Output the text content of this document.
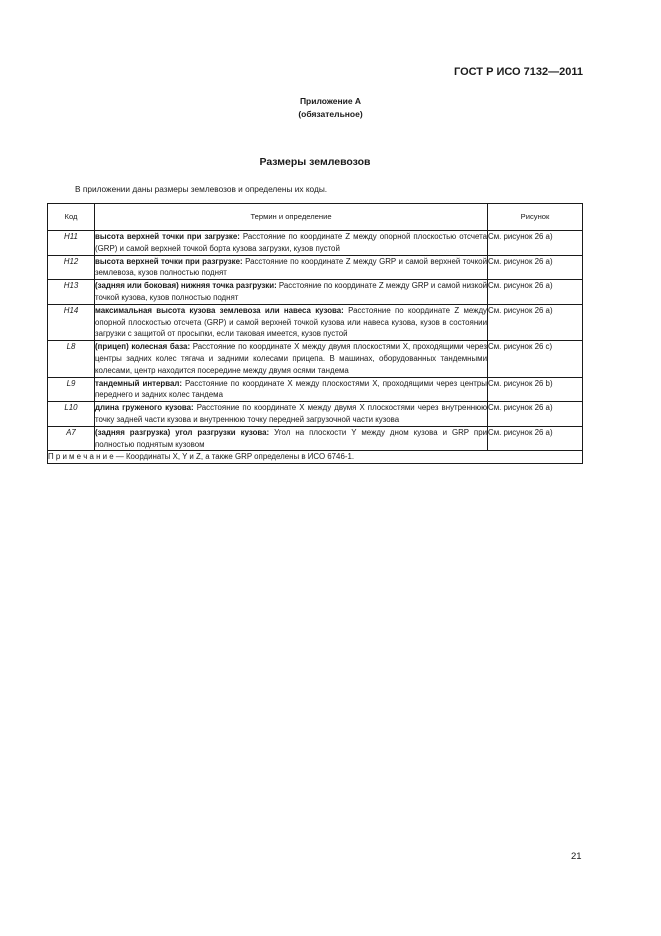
ГОСТ Р ИСО 7132—2011
Приложение А
(обязательное)
Размеры землевозов
В приложении даны размеры землевозов и определены их коды.
Код	Термин и определение	Рисунок
H11	высота верхней точки при загрузке: Расстояние по координате Z между опорной плоскостью отсчета (GRP) и самой верхней точкой борта кузова загрузки, кузов пустой	См. рисунок 26 а)
H12	высота верхней точки при разгрузке: Расстояние по координате Z между GRP и самой верхней точкой землевоза, кузов полностью поднят	См. рисунок 26 а)
H13	(задняя или боковая) нижняя точка разгрузки: Расстояние по координате Z между GRP и самой низкой точкой кузова, кузов полностью поднят	См. рисунок 26 а)
H14	максимальная высота кузова землевоза или навеса кузова: Расстояние по координате Z между опорной плоскостью отсчета (GRP) и самой верхней точкой кузова или навеса кузова, кузов в состоянии загрузки с защитой от просыпки, если таковая имеется, кузов пустой	См. рисунок 26 а)
L8	(прицеп) колесная база: Расстояние по координате X между двумя плоскостями X, проходящими через центры задних колес тягача и задними колесами прицепа. В машинах, оборудованных тандемными колесами, центр находится посередине между двумя осями тандема	См. рисунок 26 с)
L9	тандемный интервал: Расстояние по координате X между плоскостями X, проходящими через центры переднего и задних колес тандема	См. рисунок 26 b)
L10	длина груженого кузова: Расстояние по координате X между двумя X плоскостями через внутреннюю точку задней части кузова и внутреннюю точку передней загрузочной части кузова	См. рисунок 26 а)
A7	(задняя разгрузка) угол разгрузки кузова: Угол на плоскости Y между дном кузова и GRP при полностью поднятым кузовом	См. рисунок 26 а)
П р и м е ч а н и е — Координаты X, Y и Z, а также GRP определены в ИСО 6746-1.		
21
